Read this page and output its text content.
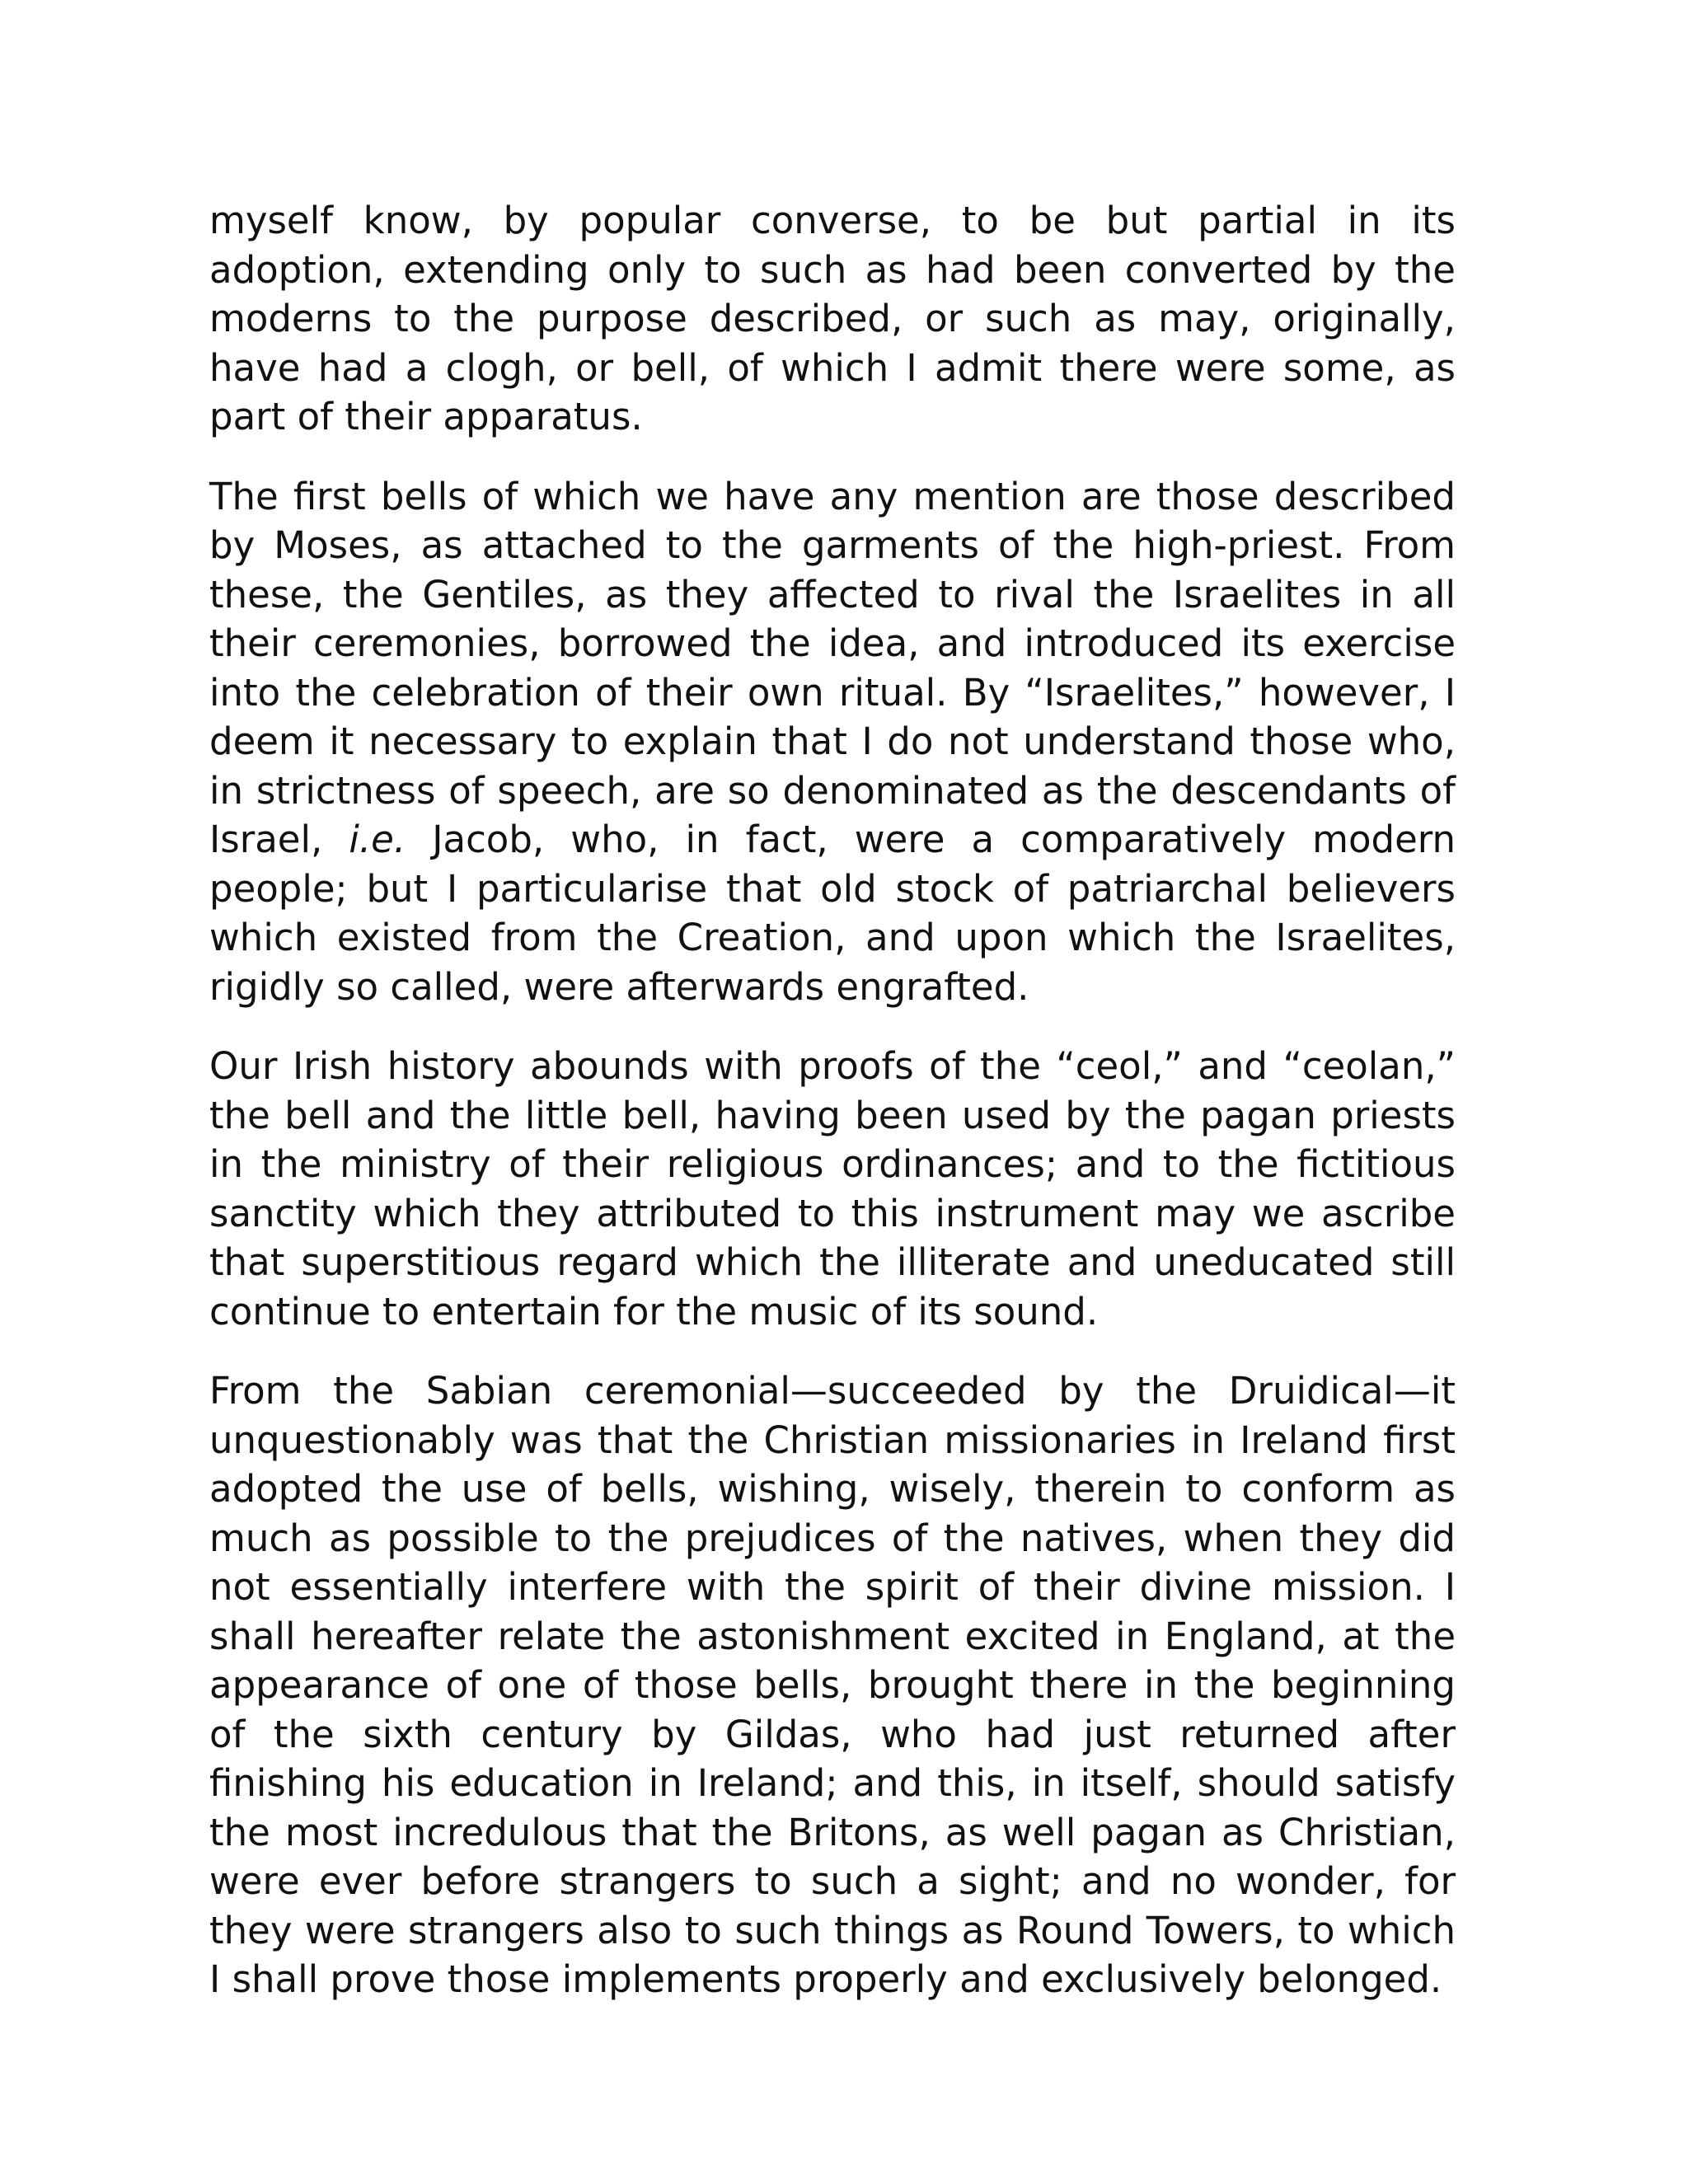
myself know, by popular converse, to be but partial in its adoption, extending only to such as had been converted by the moderns to the purpose described, or such as may, originally, have had a clogh, or bell, of which I admit there were some, as part of their apparatus.

The first bells of which we have any mention are those described by Moses, as attached to the garments of the high-priest. From these, the Gentiles, as they affected to rival the Israelites in all their ceremonies, borrowed the idea, and introduced its exercise into the celebration of their own ritual. By “Israelites,” however, I deem it necessary to explain that I do not understand those who, in strictness of speech, are so denominated as the descendants of Israel, i.e. Jacob, who, in fact, were a comparatively modern people; but I particularise that old stock of patriarchal believers which existed from the Creation, and upon which the Israelites, rigidly so called, were afterwards engrafted.

Our Irish history abounds with proofs of the “ceol,” and “ceolan,” the bell and the little bell, having been used by the pagan priests in the ministry of their religious ordinances; and to the fictitious sanctity which they attributed to this instrument may we ascribe that superstitious regard which the illiterate and uneducated still continue to entertain for the music of its sound.

From the Sabian ceremonial—succeeded by the Druidical—it unquestionably was that the Christian missionaries in Ireland first adopted the use of bells, wishing, wisely, therein to conform as much as possible to the prejudices of the natives, when they did not essentially interfere with the spirit of their divine mission. I shall hereafter relate the astonishment excited in England, at the appearance of one of those bells, brought there in the beginning of the sixth century by Gildas, who had just returned after finishing his education in Ireland; and this, in itself, should satisfy the most incredulous that the Britons, as well pagan as Christian, were ever before strangers to such a sight; and no wonder, for they were strangers also to such things as Round Towers, to which I shall prove those implements properly and exclusively belonged.
